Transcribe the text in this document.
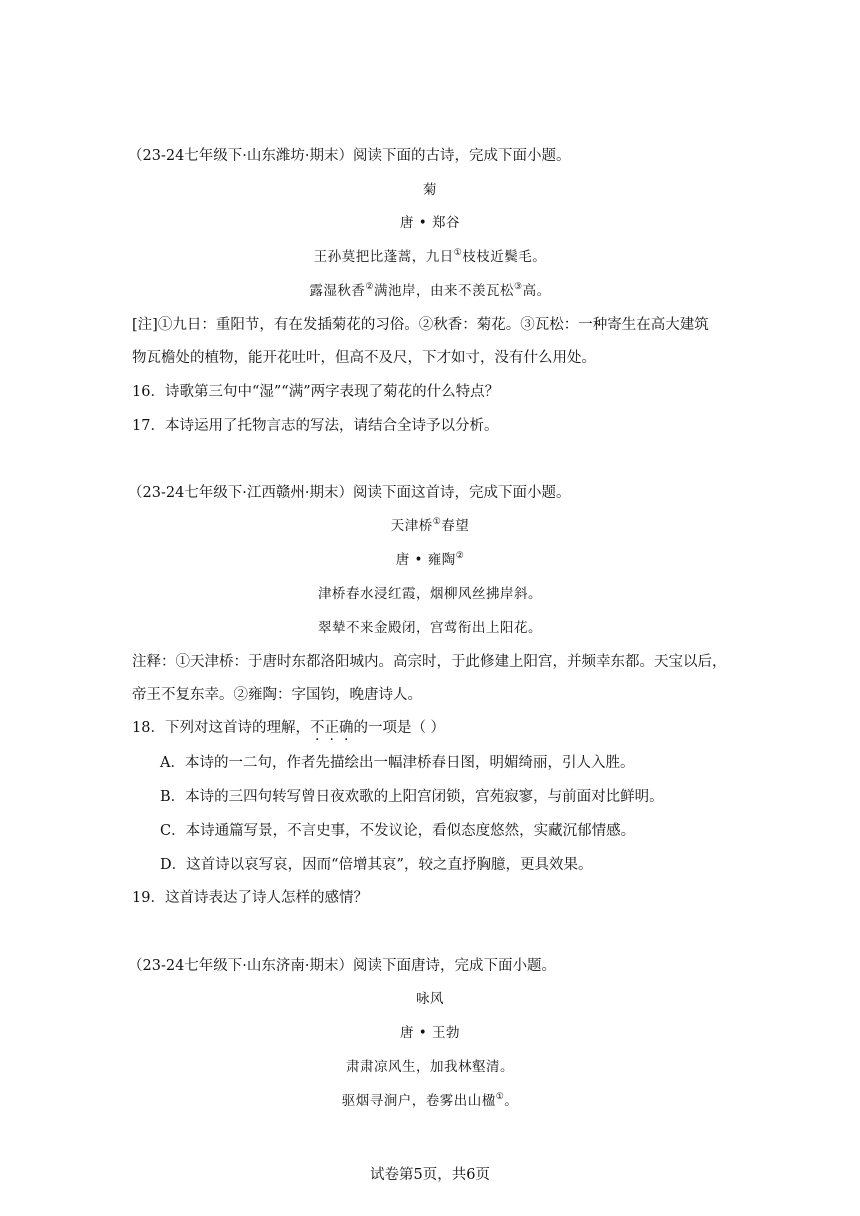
（23-24七年级下·山东潍坊·期末）阅读下面的古诗，完成下面小题。
菊
唐 • 郑谷
王孙莫把比蓬蒿，九日①枝枝近鬓毛。
露湿秋香②满池岸，由来不羡瓦松③高。
[注]①九日：重阳节，有在发插菊花的习俗。②秋香：菊花。③瓦松：一种寄生在高大建筑
物瓦檐处的植物，能开花吐叶，但高不及尺，下才如寸，没有什么用处。
16．诗歌第三句中“湿”“满”两字表现了菊花的什么特点？
17．本诗运用了托物言志的写法，请结合全诗予以分析。
（23-24七年级下·江西赣州·期末）阅读下面这首诗，完成下面小题。
天津桥①春望
唐 • 雍陶②
津桥春水浸红霞，烟柳风丝拂岸斜。
翠辇不来金殿闭，宫莺衔出上阳花。
注释：①天津桥：于唐时东都洛阳城内。高宗时，于此修建上阳宫，并频幸东都。天宝以后，
帝王不复东幸。②雍陶：字国钧，晚唐诗人。
18．下列对这首诗的理解，不正确的一项是（ ）
A．本诗的一二句，作者先描绘出一幅津桥春日图，明媚绮丽，引人入胜。
B．本诗的三四句转写曾日夜欢歌的上阳宫闭锁，宫苑寂寥，与前面对比鲜明。
C．本诗通篇写景，不言史事，不发议论，看似态度悠然，实藏沉郁情感。
D．这首诗以哀写哀，因而“倍增其哀”，较之直抒胸臆，更具效果。
19．这首诗表达了诗人怎样的感情？
（23-24七年级下·山东济南·期末）阅读下面唐诗，完成下面小题。
咏风
唐 • 王勃
肃肃凉风生，加我林壑清。
驱烟寻涧户，卷雾出山楹①。
试卷第5页，共6页
